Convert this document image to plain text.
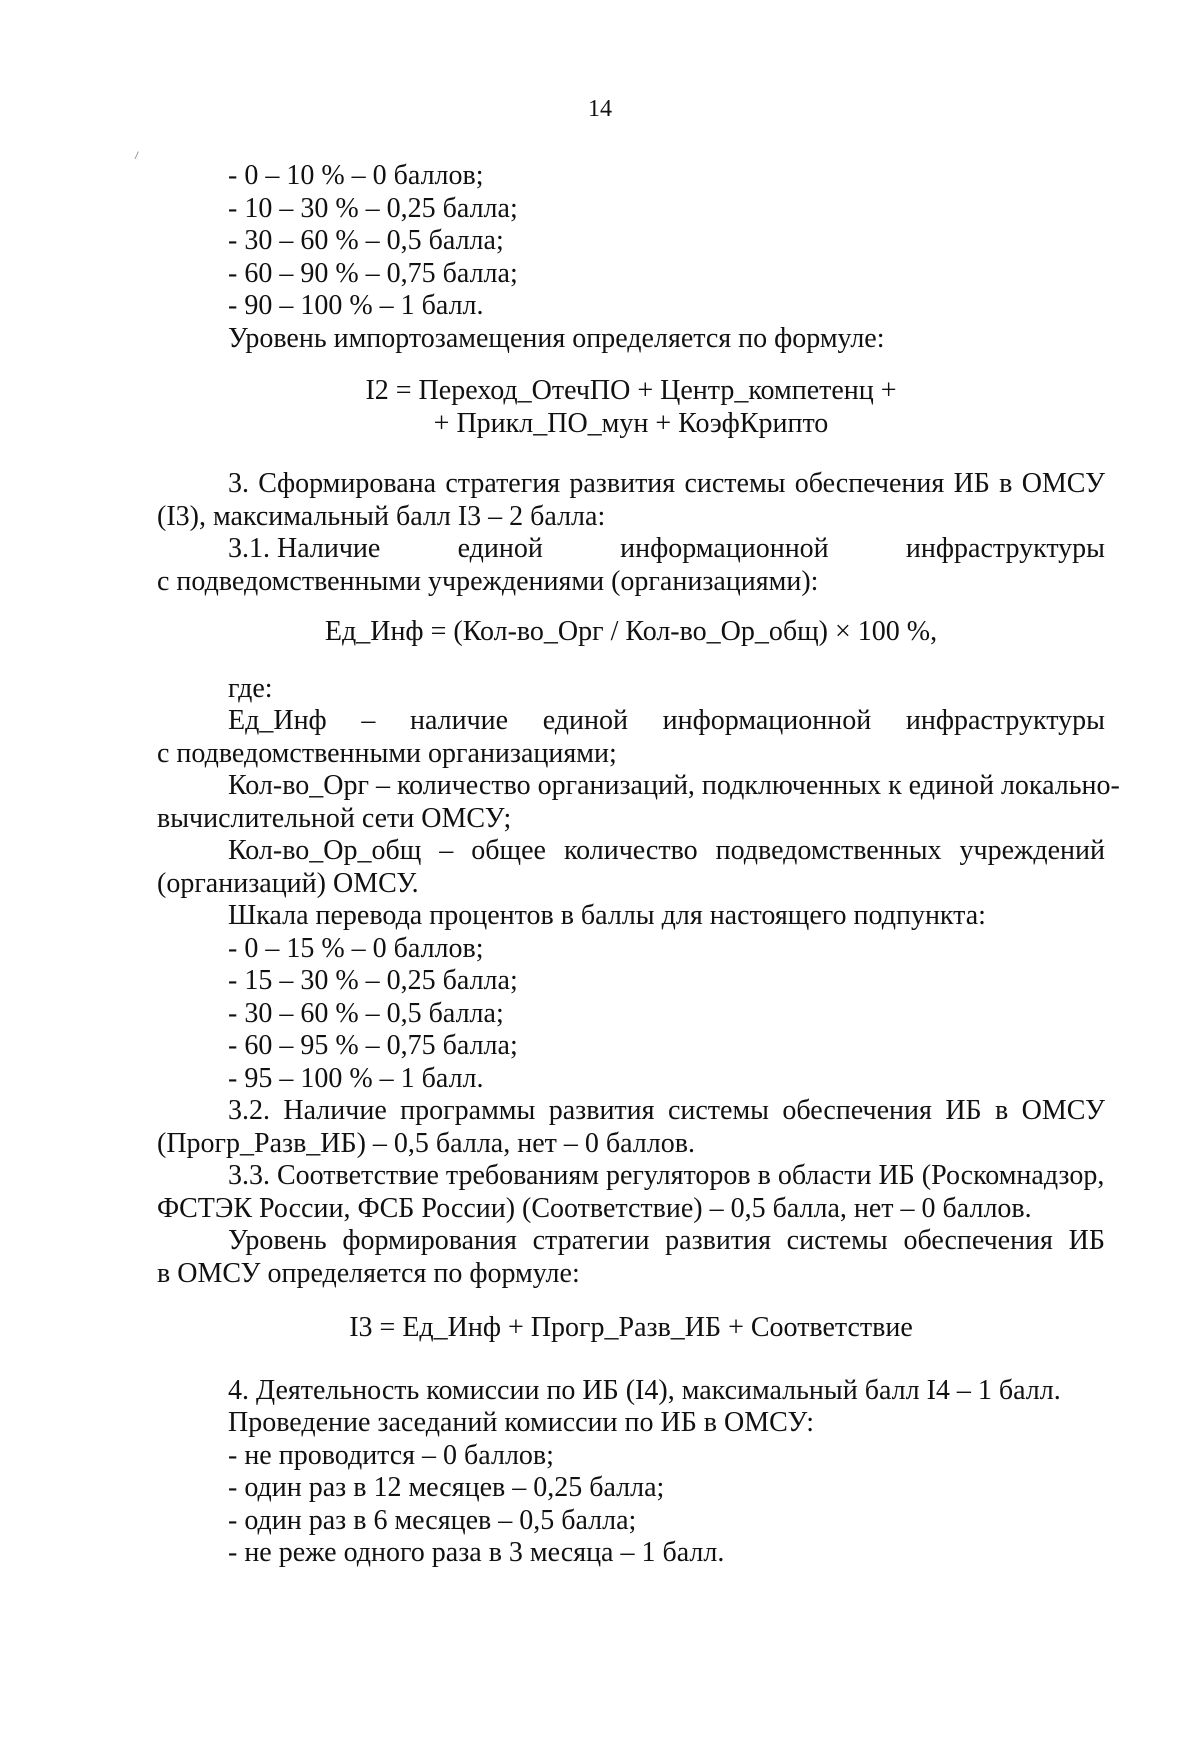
14
- 0 – 10 % – 0 баллов;
- 10 – 30 % – 0,25 балла;
- 30 – 60 % – 0,5 балла;
- 60 – 90 % – 0,75 балла;
- 90 – 100 % – 1 балл.
Уровень импортозамещения определяется по формуле:
I2 = Переход_ОтечПО + Центр_компетенц +
+ Прикл_ПО_мун + КоэфКрипто
3. Сформирована стратегия развития системы обеспечения ИБ в ОМСУ
(I3), максимальный балл I3 – 2 балла:
3.1. Наличие	единой	информационной	инфраструктуры
с подведомственными учреждениями (организациями):
Ед_Инф = (Кол-во_Орг / Кол-во_Ор_общ) × 100 %,
где:
Ед_Инф – наличие единой информационной инфраструктуры
с подведомственными организациями;
Кол-во_Орг – количество организаций, подключенных к единой локально-
вычислительной сети ОМСУ;
Кол-во_Ор_общ – общее количество подведомственных учреждений
(организаций) ОМСУ.
Шкала перевода процентов в баллы для настоящего подпункта:
- 0 – 15 % – 0 баллов;
- 15 – 30 % – 0,25 балла;
- 30 – 60 % – 0,5 балла;
- 60 – 95 % – 0,75 балла;
- 95 – 100 % – 1 балл.
3.2. Наличие программы развития системы обеспечения ИБ в ОМСУ
(Прогр_Разв_ИБ) – 0,5 балла, нет – 0 баллов.
3.3. Соответствие требованиям регуляторов в области ИБ (Роскомнадзор,
ФСТЭК России, ФСБ России) (Соответствие) – 0,5 балла, нет – 0 баллов.
Уровень формирования стратегии развития системы обеспечения ИБ
в ОМСУ определяется по формуле:
I3 = Ед_Инф + Прогр_Разв_ИБ + Соответствие
4. Деятельность комиссии по ИБ (I4), максимальный балл I4 – 1 балл.
Проведение заседаний комиссии по ИБ в ОМСУ:
- не проводится – 0 баллов;
- один раз в 12 месяцев – 0,25 балла;
- один раз в 6 месяцев – 0,5 балла;
- не реже одного раза в 3 месяца – 1 балл.
